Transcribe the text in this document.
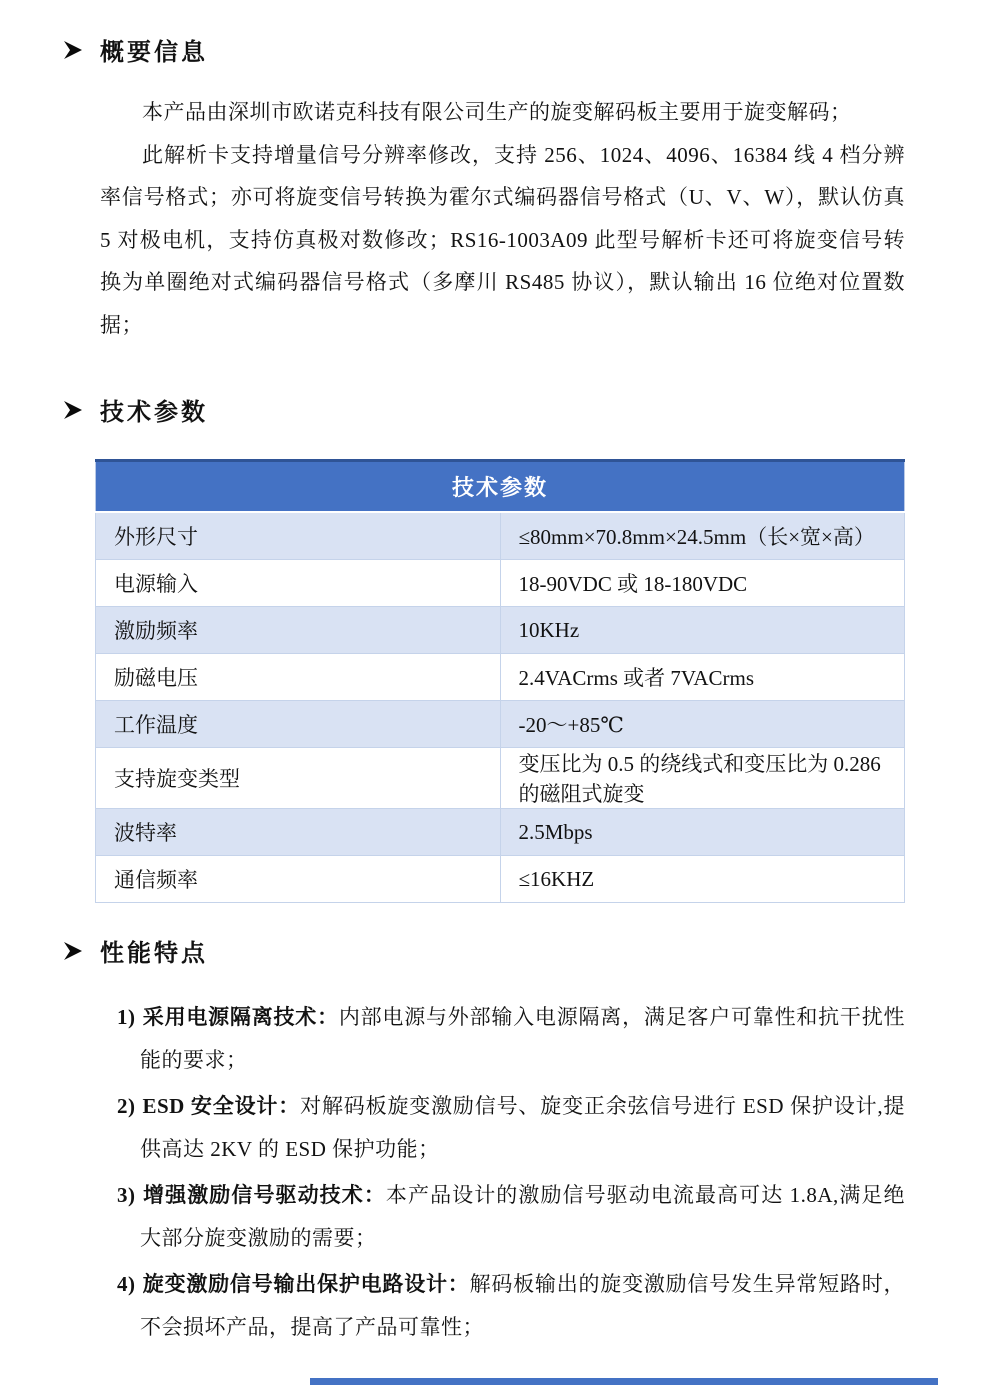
概要信息

本产品由深圳市欧诺克科技有限公司生产的旋变解码板主要用于旋变解码；

此解析卡支持增量信号分辨率修改，支持 256、1024、4096、16384 线 4 档分辨率信号格式；亦可将旋变信号转换为霍尔式编码器信号格式（U、V、W），默认仿真 5 对极电机，支持仿真极对数修改；RS16-1003A09 此型号解析卡还可将旋变信号转换为单圈绝对式编码器信号格式（多摩川 RS485 协议），默认输出 16 位绝对位置数据；

技术参数
技术参数	
外形尺寸	≤80mm×70.8mm×24.5mm（长×宽×高）
电源输入	18-90VDC 或 18-180VDC
激励频率	10KHz
励磁电压	2.4VACrms 或者 7VACrms
工作温度	-20～+85℃
支持旋变类型	变压比为 0.5 的绕线式和变压比为 0.286 的磁阻式旋变
波特率	2.5Mbps
通信频率	≤16KHZ
性能特点
1) 采用电源隔离技术：内部电源与外部输入电源隔离，满足客户可靠性和抗干扰性能的要求；
2) ESD 安全设计：对解码板旋变激励信号、旋变正余弦信号进行 ESD 保护设计,提供高达 2KV 的 ESD 保护功能；
3) 增强激励信号驱动技术：本产品设计的激励信号驱动电流最高可达 1.8A,满足绝大部分旋变激励的需要；
4) 旋变激励信号输出保护电路设计：解码板输出的旋变激励信号发生异常短路时，不会损坏产品，提高了产品可靠性；
